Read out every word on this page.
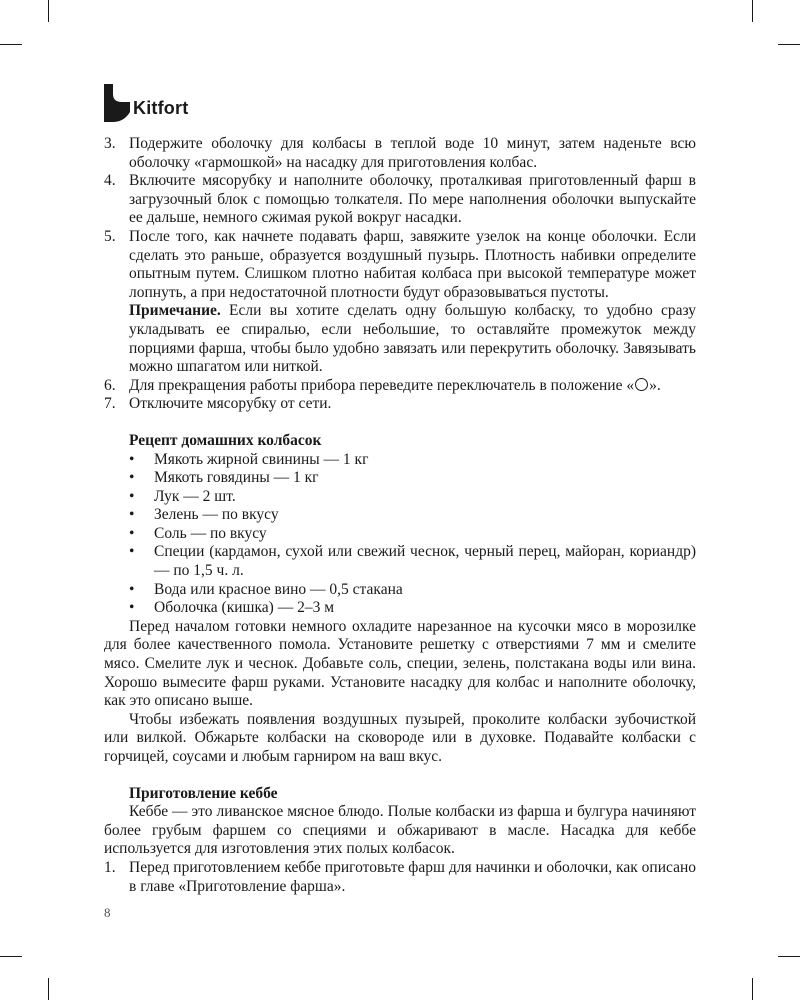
Kitfort
3. Подержите оболочку для колбасы в теплой воде 10 минут, затем наденьте всю оболочку «гармошкой» на насадку для приготовления колбас.
4. Включите мясорубку и наполните оболочку, проталкивая приготовленный фарш в загрузочный блок с помощью толкателя. По мере наполнения оболочки выпускайте ее дальше, немного сжимая рукой вокруг насадки.
5. После того, как начнете подавать фарш, завяжите узелок на конце оболочки. Если сделать это раньше, образуется воздушный пузырь. Плотность набивки определите опытным путем. Слишком плотно набитая колбаса при высокой температуре может лопнуть, а при недостаточной плотности будут образовываться пустоты.
Примечание. Если вы хотите сделать одну большую колбаску, то удобно сразу укладывать ее спиралью, если небольшие, то оставляйте промежуток между порциями фарша, чтобы было удобно завязать или перекрутить оболочку. Завязывать можно шпагатом или ниткой.
6. Для прекращения работы прибора переведите переключатель в положение « ».
7. Отключите мясорубку от сети.
Рецепт домашних колбасок
• Мякоть жирной свинины — 1 кг
• Мякоть говядины — 1 кг
• Лук — 2 шт.
• Зелень — по вкусу
• Соль — по вкусу
• Специи (кардамон, сухой или свежий чеснок, черный перец, майоран, кориандр) — по 1,5 ч. л.
• Вода или красное вино — 0,5 стакана
• Оболочка (кишка) — 2–3 м
Перед началом готовки немного охладите нарезанное на кусочки мясо в морозилке для более качественного помола. Установите решетку с отверстиями 7 мм и смелите мясо. Смелите лук и чеснок. Добавьте соль, специи, зелень, полстакана воды или вина. Хорошо вымесите фарш руками. Установите насадку для колбас и наполните оболочку, как это описано выше.
Чтобы избежать появления воздушных пузырей, проколите колбаски зубочисткой или вилкой. Обжарьте колбаски на сковороде или в духовке. Подавайте колбаски с горчицей, соусами и любым гарниром на ваш вкус.
Приготовление кеббе
Кеббе — это ливанское мясное блюдо. Полые колбаски из фарша и булгура начиняют более грубым фаршем со специями и обжаривают в масле. Насадка для кеббе используется для изготовления этих полых колбасок.
1. Перед приготовлением кеббе приготовьте фарш для начинки и оболочки, как описано в главе «Приготовление фарша».
8
